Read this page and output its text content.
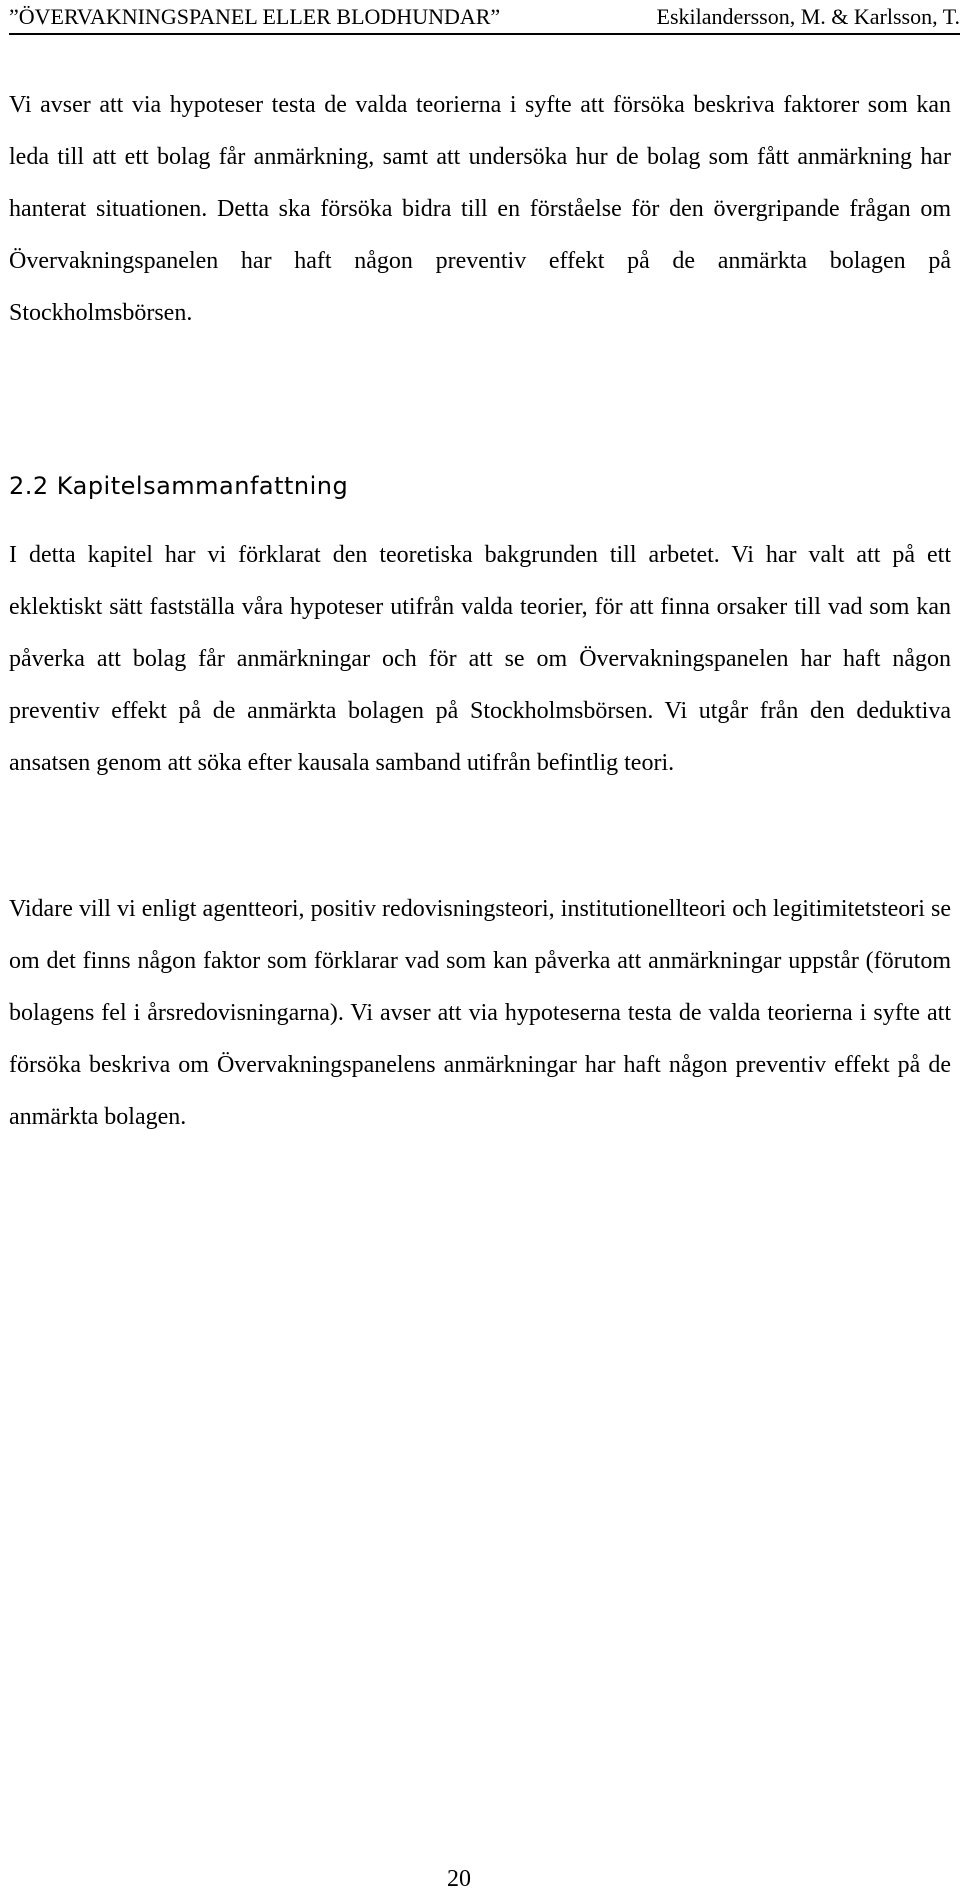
”ÖVERVAKNINGSPANEL ELLER BLODHUNDAR”	Eskilandersson, M. & Karlsson, T.

Vi avser att via hypoteser testa de valda teorierna i syfte att försöka beskriva faktorer som kan leda till att ett bolag får anmärkning, samt att undersöka hur de bolag som fått anmärkning har hanterat situationen. Detta ska försöka bidra till en förståelse för den övergripande frågan om Övervakningspanelen har haft någon preventiv effekt på de anmärkta bolagen på Stockholmsbörsen.

2.2 Kapitelsammanfattning

I detta kapitel har vi förklarat den teoretiska bakgrunden till arbetet. Vi har valt att på ett eklektiskt sätt fastställa våra hypoteser utifrån valda teorier, för att finna orsaker till vad som kan påverka att bolag får anmärkningar och för att se om Övervakningspanelen har haft någon preventiv effekt på de anmärkta bolagen på Stockholmsbörsen. Vi utgår från den deduktiva ansatsen genom att söka efter kausala samband utifrån befintlig teori.

Vidare vill vi enligt agentteori, positiv redovisningsteori, institutionellteori och legitimitetsteori se om det finns någon faktor som förklarar vad som kan påverka att anmärkningar uppstår (förutom bolagens fel i årsredovisningarna). Vi avser att via hypoteserna testa de valda teorierna i syfte att försöka beskriva om Övervakningspanelens anmärkningar har haft någon preventiv effekt på de anmärkta bolagen.

20
